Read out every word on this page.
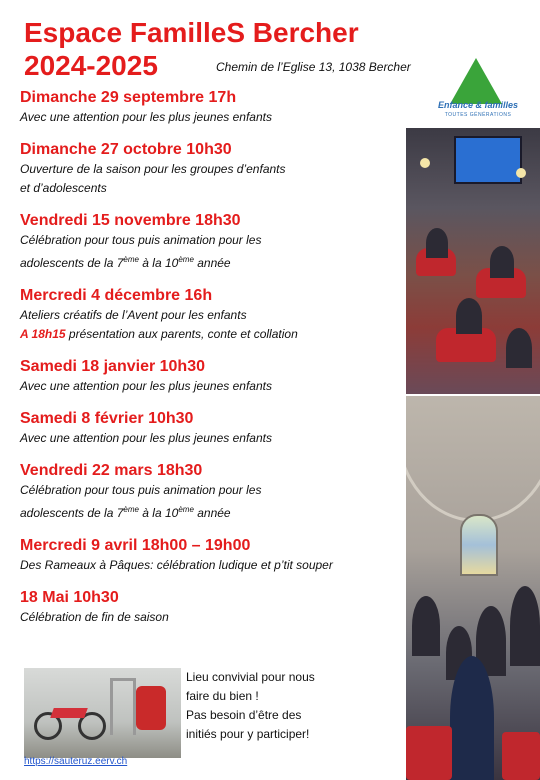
Espace FamilleS Bercher
2024-2025	Chemin de l’Eglise 13, 1038 Bercher
Enfance & familles
TOUTES GÉNÉRATIONS
Dimanche 29 septembre 17h
Avec une attention pour les plus jeunes enfants
Dimanche 27 octobre 10h30
Ouverture de la saison pour les groupes d’enfants
et d’adolescents
Vendredi 15 novembre 18h30
Célébration pour tous puis animation pour les
adolescents de la 7ème à la 10ème année
Mercredi 4 décembre 16h
Ateliers créatifs de l’Avent pour les enfants
A 18h15 présentation aux parents, conte et collation
Samedi 18 janvier 10h30
Avec une attention pour les plus jeunes enfants
Samedi 8 février 10h30
Avec une attention pour les plus jeunes enfants
Vendredi 22 mars 18h30
Célébration pour tous puis animation pour les
adolescents de la 7ème à la 10ème année
Mercredi 9 avril 18h00 – 19h00
Des Rameaux à Pâques: célébration ludique et p’tit souper
18 Mai 10h30
Célébration de fin de saison
Lieu convivial pour nous
faire du bien !
Pas besoin d’être des
initiés pour y participer!
https://sauteruz.eerv.ch
